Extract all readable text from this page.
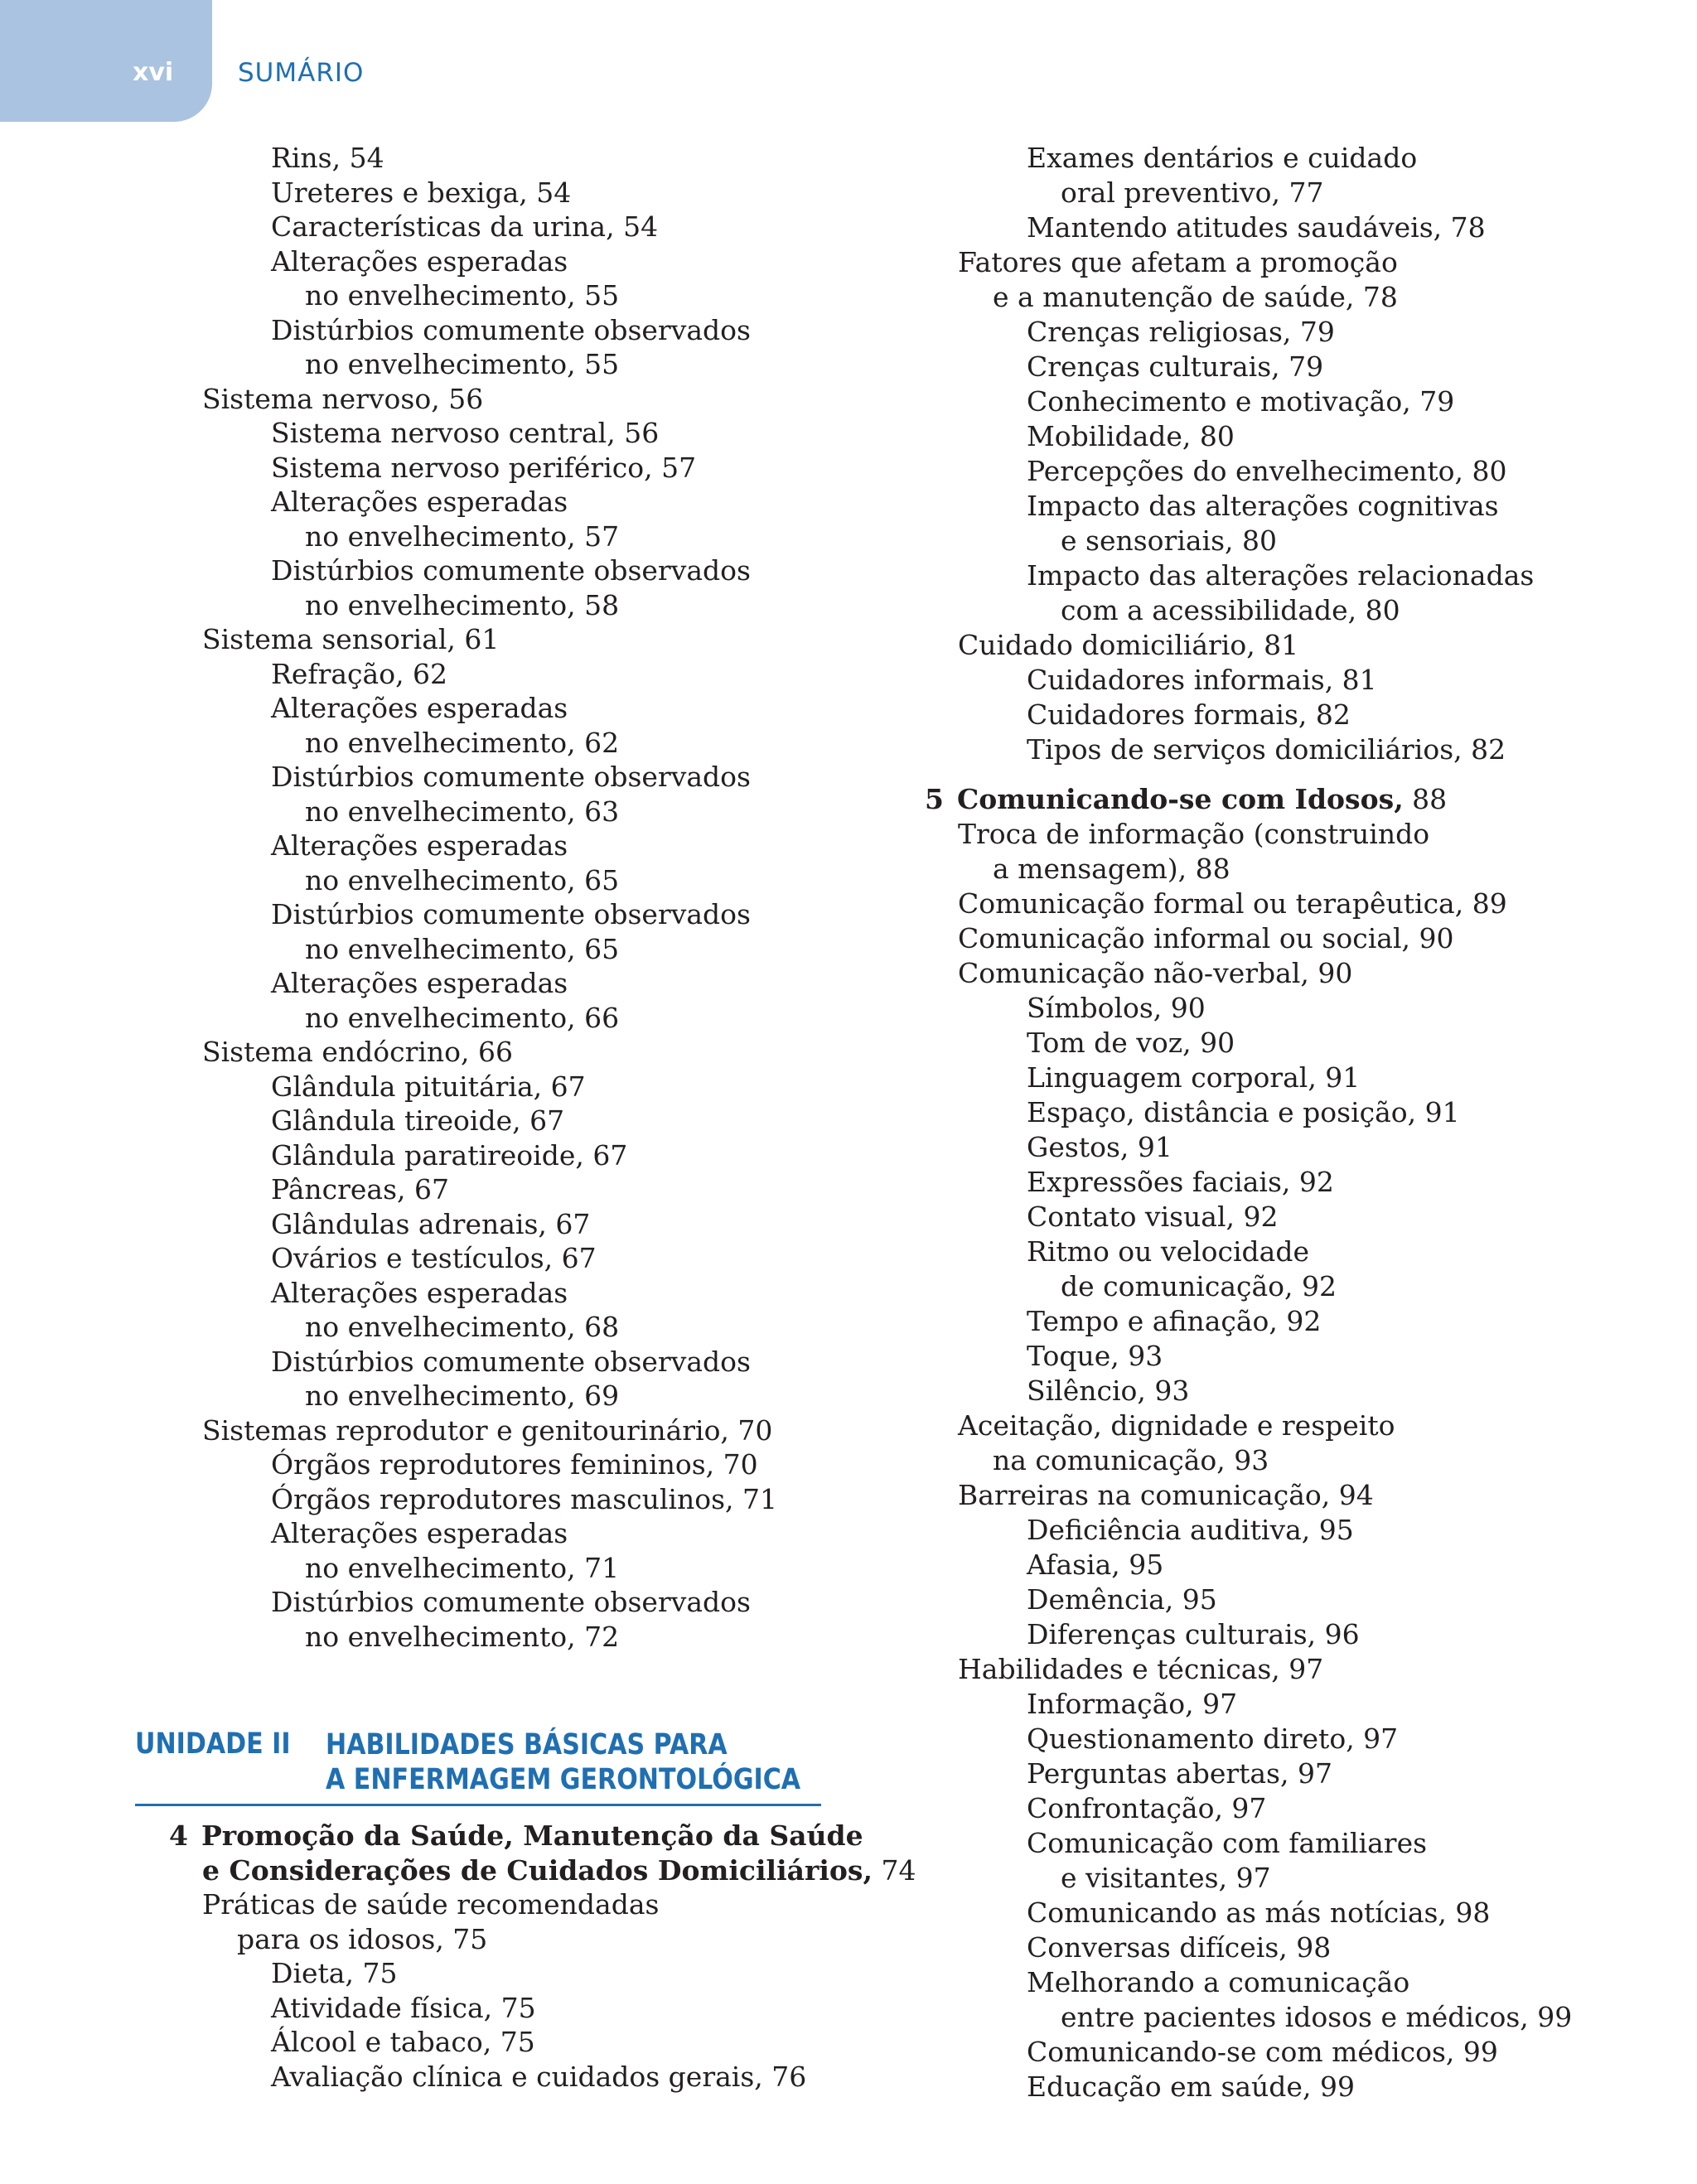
xvi	SUMÁRIO
Rins, 54
Ureteres e bexiga, 54
Características da urina, 54
Alterações esperadas
no envelhecimento, 55
Distúrbios comumente observados
no envelhecimento, 55
Sistema nervoso, 56
Sistema nervoso central, 56
Sistema nervoso periférico, 57
Alterações esperadas
no envelhecimento, 57
Distúrbios comumente observados
no envelhecimento, 58
Sistema sensorial, 61
Refração, 62
Alterações esperadas
no envelhecimento, 62
Distúrbios comumente observados
no envelhecimento, 63
Alterações esperadas
no envelhecimento, 65
Distúrbios comumente observados
no envelhecimento, 65
Alterações esperadas
no envelhecimento, 66
Sistema endócrino, 66
Glândula pituitária, 67
Glândula tireoide, 67
Glândula paratireoide, 67
Pâncreas, 67
Glândulas adrenais, 67
Ovários e testículos, 67
Alterações esperadas
no envelhecimento, 68
Distúrbios comumente observados
no envelhecimento, 69
Sistemas reprodutor e genitourinário, 70
Órgãos reprodutores femininos, 70
Órgãos reprodutores masculinos, 71
Alterações esperadas
no envelhecimento, 71
Distúrbios comumente observados
no envelhecimento, 72
UNIDADE II HABILIDADES BÁSICAS PARA
A ENFERMAGEM GERONTOLÓGICA
4 Promoção da Saúde, Manutenção da Saúde
e Considerações de Cuidados Domiciliários, 74
Práticas de saúde recomendadas
para os idosos, 75
Dieta, 75
Atividade física, 75
Álcool e tabaco, 75
Avaliação clínica e cuidados gerais, 76
Exames dentários e cuidado
oral preventivo, 77
Mantendo atitudes saudáveis, 78
Fatores que afetam a promoção
e a manutenção de saúde, 78
Crenças religiosas, 79
Crenças culturais, 79
Conhecimento e motivação, 79
Mobilidade, 80
Percepções do envelhecimento, 80
Impacto das alterações cognitivas
e sensoriais, 80
Impacto das alterações relacionadas
com a acessibilidade, 80
Cuidado domiciliário, 81
Cuidadores informais, 81
Cuidadores formais, 82
Tipos de serviços domiciliários, 82
5 Comunicando-se com Idosos, 88
Troca de informação (construindo
a mensagem), 88
Comunicação formal ou terapêutica, 89
Comunicação informal ou social, 90
Comunicação não-verbal, 90
Símbolos, 90
Tom de voz, 90
Linguagem corporal, 91
Espaço, distância e posição, 91
Gestos, 91
Expressões faciais, 92
Contato visual, 92
Ritmo ou velocidade
de comunicação, 92
Tempo e afinação, 92
Toque, 93
Silêncio, 93
Aceitação, dignidade e respeito
na comunicação, 93
Barreiras na comunicação, 94
Deficiência auditiva, 95
Afasia, 95
Demência, 95
Diferenças culturais, 96
Habilidades e técnicas, 97
Informação, 97
Questionamento direto, 97
Perguntas abertas, 97
Confrontação, 97
Comunicação com familiares
e visitantes, 97
Comunicando as más notícias, 98
Conversas difíceis, 98
Melhorando a comunicação
entre pacientes idosos e médicos, 99
Comunicando-se com médicos, 99
Educação em saúde, 99
